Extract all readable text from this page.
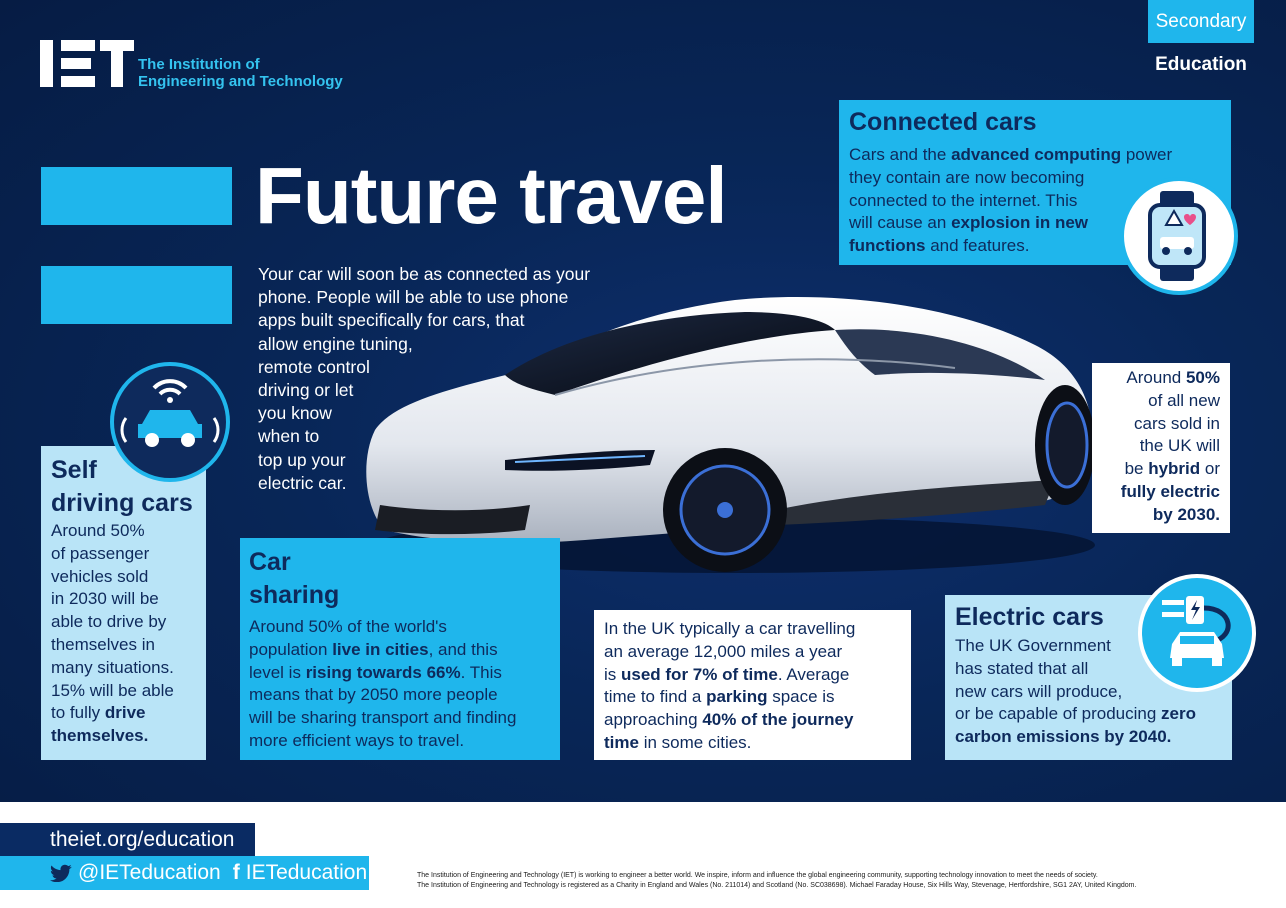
The Institution of
Engineering and Technology
Secondary
Education
Future travel
Your car will soon be as connected as your
phone. People will be able to use phone
apps built specifically for cars, that
allow engine tuning,
remote control
driving or let
you know
when to
top up your
electric car.
Connected cars
Cars and the advanced computing power
they contain are now becoming
connected to the internet. This
will cause an explosion in new
functions and features.
Around 50%
of all new
cars sold in
the UK will
be hybrid or
fully electric by 2030.
Self
driving cars
Around 50%
of passenger
vehicles sold
in 2030 will be
able to drive by
themselves in
many situations.
15% will be able
to fully drive
themselves.
Car
sharing
Around 50% of the world's
population live in cities, and this
level is rising towards 66%. This
means that by 2050 more people
will be sharing transport and finding
more efficient ways to travel.
In the UK typically a car travelling
an average 12,000 miles a year
is used for 7% of time. Average
time to find a parking space is
approaching 40% of the journey
time in some cities.
Electric cars
The UK Government
has stated that all
new cars will produce,
or be capable of producing zero
carbon emissions by 2040.
theiet.org/education
@IETeducation f IETeducation	The Institution of Engineering and Technology (IET) is working to engineer a better world. We inspire, inform and influence the global engineering community, supporting technology innovation to meet the needs of society.
The Institution of Engineering and Technology is registered as a Charity in England and Wales (No. 211014) and Scotland (No. SC038698). Michael Faraday House, Six Hills Way, Stevenage, Hertfordshire, SG1 2AY, United Kingdom.
